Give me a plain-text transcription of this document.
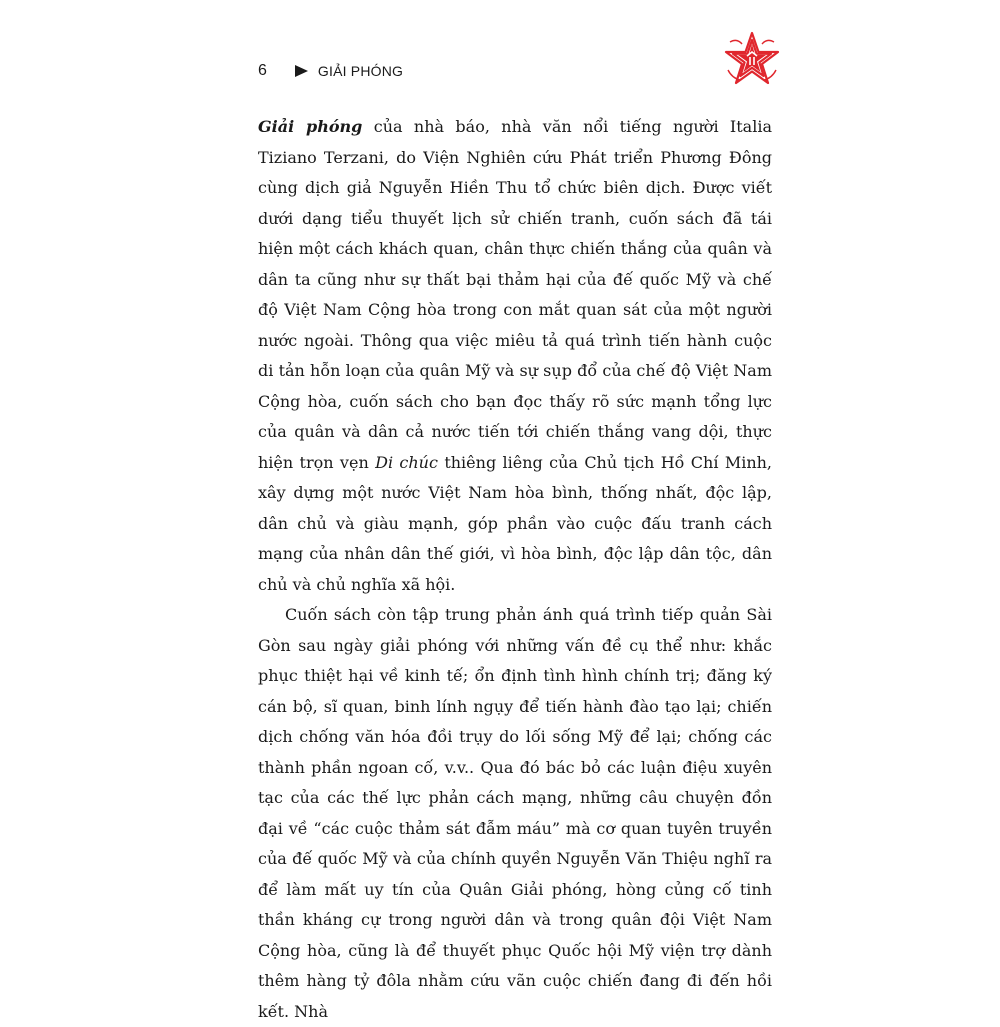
6	GIẢI PHÓNG

Giải phóng của nhà báo, nhà văn nổi tiếng người Italia Tiziano Terzani, do Viện Nghiên cứu Phát triển Phương Đông cùng dịch giả Nguyễn Hiền Thu tổ chức biên dịch. Được viết dưới dạng tiểu thuyết lịch sử chiến tranh, cuốn sách đã tái hiện một cách khách quan, chân thực chiến thắng của quân và dân ta cũng như sự thất bại thảm hại của đế quốc Mỹ và chế độ Việt Nam Cộng hòa trong con mắt quan sát của một người nước ngoài. Thông qua việc miêu tả quá trình tiến hành cuộc di tản hỗn loạn của quân Mỹ và sự sụp đổ của chế độ Việt Nam Cộng hòa, cuốn sách cho bạn đọc thấy rõ sức mạnh tổng lực của quân và dân cả nước tiến tới chiến thắng vang dội, thực hiện trọn vẹn Di chúc thiêng liêng của Chủ tịch Hồ Chí Minh, xây dựng một nước Việt Nam hòa bình, thống nhất, độc lập, dân chủ và giàu mạnh, góp phần vào cuộc đấu tranh cách mạng của nhân dân thế giới, vì hòa bình, độc lập dân tộc, dân chủ và chủ nghĩa xã hội.

Cuốn sách còn tập trung phản ánh quá trình tiếp quản Sài Gòn sau ngày giải phóng với những vấn đề cụ thể như: khắc phục thiệt hại về kinh tế; ổn định tình hình chính trị; đăng ký cán bộ, sĩ quan, binh lính ngụy để tiến hành đào tạo lại; chiến dịch chống văn hóa đồi trụy do lối sống Mỹ để lại; chống các thành phần ngoan cố, v.v.. Qua đó bác bỏ các luận điệu xuyên tạc của các thế lực phản cách mạng, những câu chuyện đồn đại về “các cuộc thảm sát đẫm máu” mà cơ quan tuyên truyền của đế quốc Mỹ và của chính quyền Nguyễn Văn Thiệu nghĩ ra để làm mất uy tín của Quân Giải phóng, hòng củng cố tinh thần kháng cự trong người dân và trong quân đội Việt Nam Cộng hòa, cũng là để thuyết phục Quốc hội Mỹ viện trợ dành thêm hàng tỷ đôla nhằm cứu vãn cuộc chiến đang đi đến hồi kết. Nhà
